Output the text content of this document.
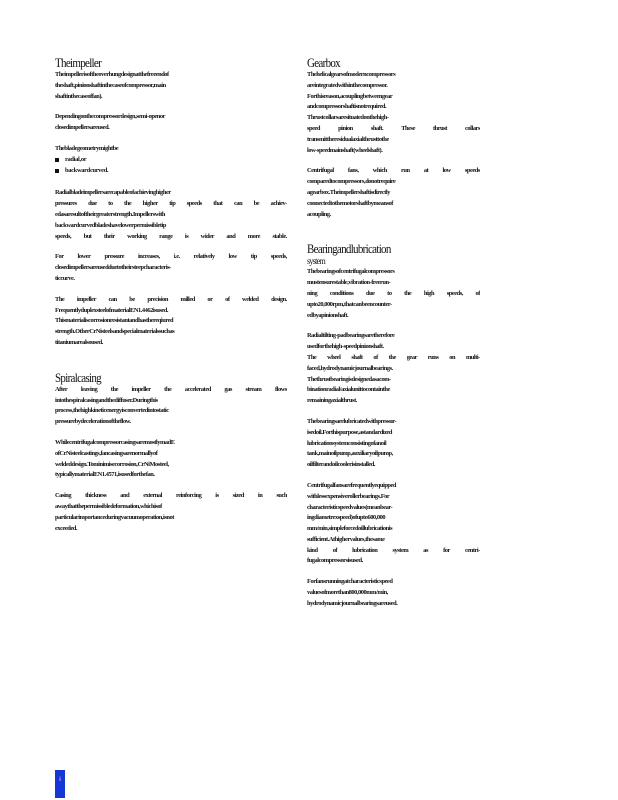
Theimpeller

Theimpellerisoftheoverhungdesignatthefreeendof
theshaft,pinionshaftinthecaseofcompressor,main
shaftinthecaseoffan).

Dependingonthecompressordesign,semi-openor
closedimpellersareused.

Thebladegeometrymightbe

radial,or
backwardcurved.

Radialbladeimpellersarecapableofachievinghigher
pressures due to the higher tip speeds that can be achiev-
edasaresultoftheirgreaterstrength.Impellerswith
backwardcurvedbladeshavelowerpermissibletip
speeds, but their working range is wider and more stable.

For lower pressure increases, i.e. relatively low tip speeds,
closedimpellersareusedduetotheirsteepcharacteris-
ticcurve.

The impeller can be precision milled or of welded design.
FrequentlyduplexsteelofmaterialEN1.4462isused.
Thismaterialiscorrosionresistantandhasthereqiured
strength.OtherCrNisteelsandspecialmaterialssuchas
titaniumarealsoused.

Spiralcasing

After leaving the impeller the accelerated gas stream flows
intothespiralcasingandthediffuser.Duringthis
process,thehighkineticenergyisconvertedintostatic
pressurebydecelerationoftheflow.

WhilecentrifugalcompressorcasingsaremostlymadE
ofCrNisteelcastings,fancasingsarenormallyof
weldeddesign.Tominimisecorrosion,CrNiMosteel,
typicallymaterialEN1.4571,isusedforthefan.

Casing thickness and external reinforcing is sized in such
awaythatthepermissibledeformation,whichisof
particularimportanceduringvacuumoperation,isnot
exceeded.

Gearbox

Thehelicalgearsofmoderncompressors
areintegratedwithinthecompressor.
Forthisreason,acouplingbetweengear
andcompressorshaftisnotrequired.
Thrustcollarsaresituatedonthehigh-
speed	pinion	shaft.	These	thrust	collars
transmittheresidualaxialthrusttothe
low-speedmainshaft(wheelshaft).

Centrifugal fans, which run at low speeds
comparedtocompressors,donotrequire
agearbox.Theimpellershaftisdirectly
connectedtothemotorshaftbymeansof
acoupling.

Bearingandlubrication
system

Thebearingsofcentrifugalcompressors
mustensurestable,vibration-freerun-
ning conditions due to the high speeds, of
upto20,000rpm,thatcanbeencounter-
edbyapinionshaft.

Radialtilting-padbearingsaretherefore
usedforthehigh-speedpinionshaft.
The wheel shaft of the gear runs on multi-
faced,hydrodynamicjournalbearings.
Thethrustbearingisdesignedasacom-
binationradial/axialunittocontainthe
remainingaxialthrust.

Thebearingsarelubricatedwithpressur-
isedoil.Forthispurpose,astandardized
lubricationsystemconsistingofanoil
tank,mainoilpump,auxiliaryoilpump,
oilfilterandoilcoolerisinstalled.

Centrifugalfansarefrequentlyequipped
withlessexpensiverollerbearings.For
characteristicspeedvalues(meanbear-
ingdiametrexspeed)ofupto600,000
mm/min,simpleforcedoillubricationis
sufficient.Athighervalues,thesame
kind of lubrication system as for centri-
fugalcompressorsisused.

Forfansrunningatcharacteristicspeed
valuesofmorethan800,000mm/min,
hydrodynamicjournalbearingsareused.

i
